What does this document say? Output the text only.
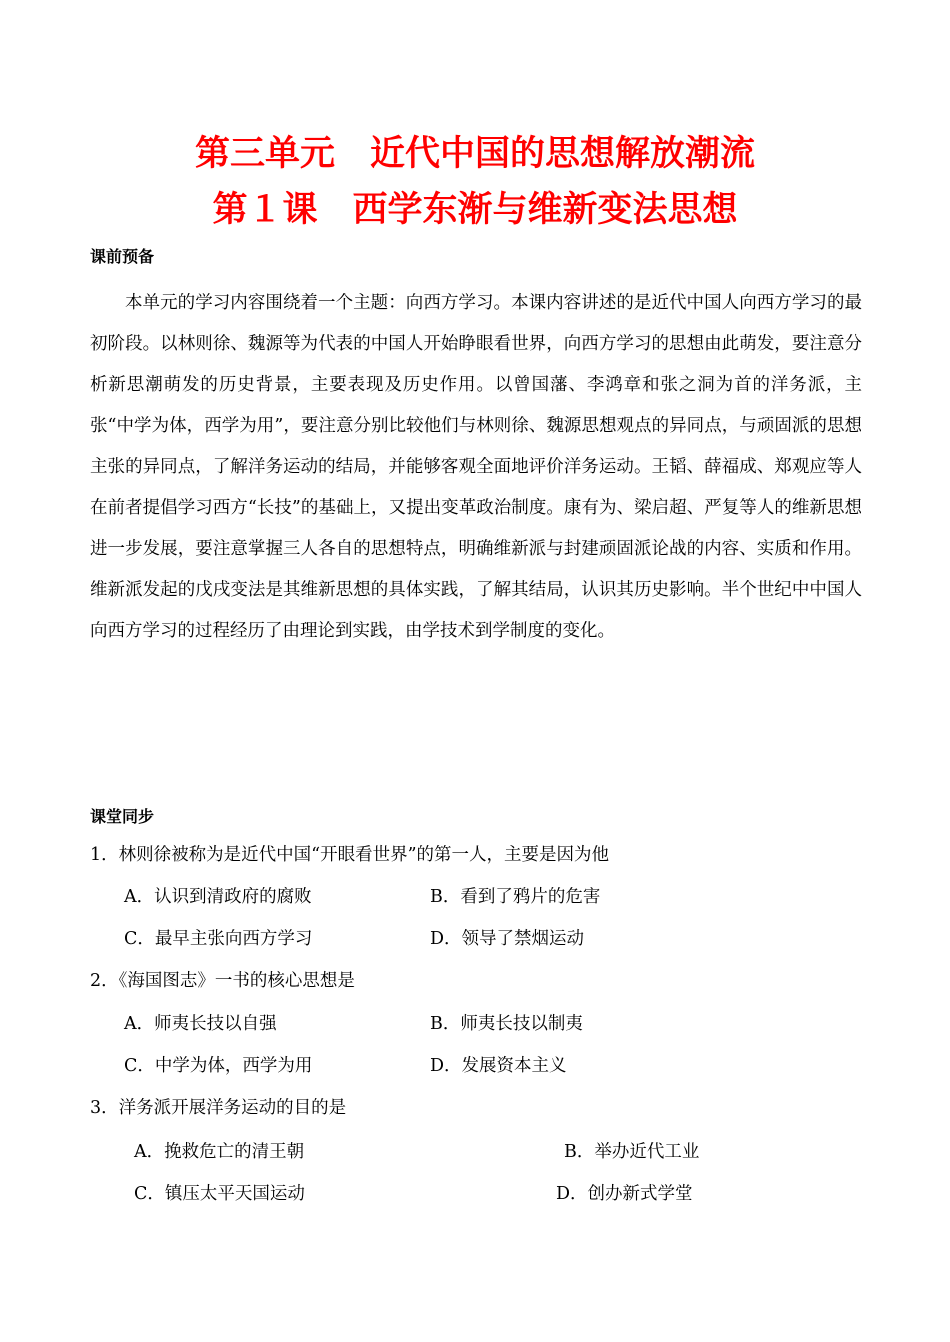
第三单元　近代中国的思想解放潮流
第１课　西学东渐与维新变法思想
课前预备
本单元的学习内容围绕着一个主题：向西方学习。本课内容讲述的是近代中国人向西方学习的最初阶段。以林则徐、魏源等为代表的中国人开始睁眼看世界，向西方学习的思想由此萌发，要注意分析新思潮萌发的历史背景，主要表现及历史作用。以曾国藩、李鸿章和张之洞为首的洋务派，主张“中学为体，西学为用”，要注意分别比较他们与林则徐、魏源思想观点的异同点，与顽固派的思想主张的异同点，了解洋务运动的结局，并能够客观全面地评价洋务运动。王韬、薛福成、郑观应等人在前者提倡学习西方“长技”的基础上，又提出变革政治制度。康有为、梁启超、严复等人的维新思想进一步发展，要注意掌握三人各自的思想特点，明确维新派与封建顽固派论战的内容、实质和作用。维新派发起的戊戌变法是其维新思想的具体实践，了解其结局，认识其历史影响。半个世纪中中国人向西方学习的过程经历了由理论到实践，由学技术到学制度的变化。
课堂同步
1．林则徐被称为是近代中国“开眼看世界”的第一人，主要是因为他
A．认识到清政府的腐败	B．看到了鸦片的危害
C．最早主张向西方学习	D．领导了禁烟运动
2．《海国图志》一书的核心思想是
A．师夷长技以自强	B．师夷长技以制夷
C．中学为体，西学为用	D．发展资本主义
3．洋务派开展洋务运动的目的是
A．挽救危亡的清王朝	B．举办近代工业
C．镇压太平天国运动	D．创办新式学堂
